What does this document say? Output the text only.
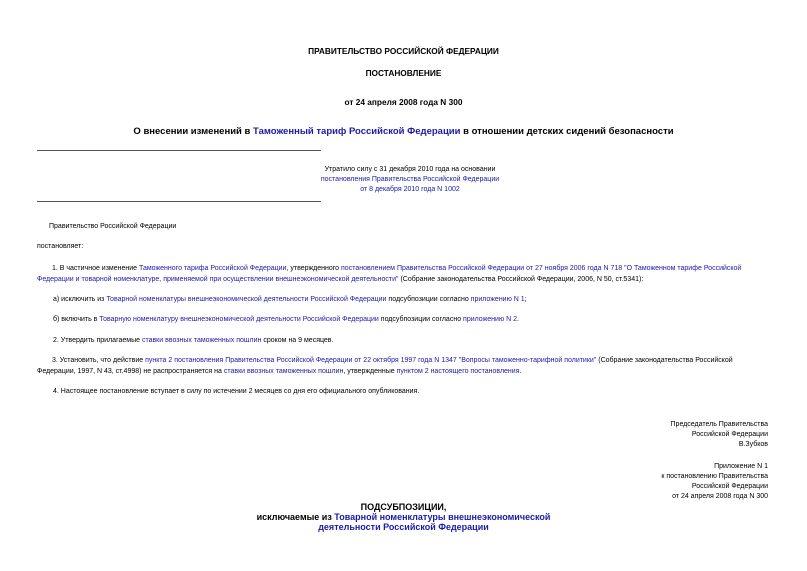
ПРАВИТЕЛЬСТВО РОССИЙСКОЙ ФЕДЕРАЦИИ
ПОСТАНОВЛЕНИЕ
от 24 апреля 2008 года N 300
О внесении изменений в Таможенный тариф Российской Федерации в отношении детских сидений безопасности
Утратило силу с 31 декабря 2010 года на основании
постановления Правительства Российской Федерации
от 8 декабря 2010 года N 1002
Правительство Российской Федерации
постановляет:
1. В частичное изменение Таможенного тарифа Российской Федерации, утвержденного постановлением Правительства Российской Федерации от 27 ноября 2006 года N 718 "О Таможенном тарифе Российской Федерации и товарной номенклатуре, применяемой при осуществлении внешнеэкономической деятельности" (Собрание законодательства Российской Федерации, 2006, N 50, ст.5341):
а) исключить из Товарной номенклатуры внешнеэкономической деятельности Российской Федерации подсубпозиции согласно приложению N 1;
б) включить в Товарную номенклатуру внешнеэкономической деятельности Российской Федерации подсубпозиции согласно приложению N 2.
2. Утвердить прилагаемые ставки ввозных таможенных пошлин сроком на 9 месяцев.
3. Установить, что действие пункта 2 постановления Правительства Российской Федерации от 22 октября 1997 года N 1347 "Вопросы таможенно-тарифной политики" (Собрание законодательства Российской Федерации, 1997, N 43, ст.4998) не распространяется на ставки ввозных таможенных пошлин, утвержденные пунктом 2 настоящего постановления.
4. Настоящее постановление вступает в силу по истечении 2 месяцев со дня его официального опубликования.
Председатель Правительства
Российской Федерации
В.Зубков
Приложение N 1
к постановлению Правительства
Российской Федерации
от 24 апреля 2008 года N 300
ПОДСУБПОЗИЦИИ,
исключаемые из Товарной номенклатуры внешнеэкономической
деятельности Российской Федерации
